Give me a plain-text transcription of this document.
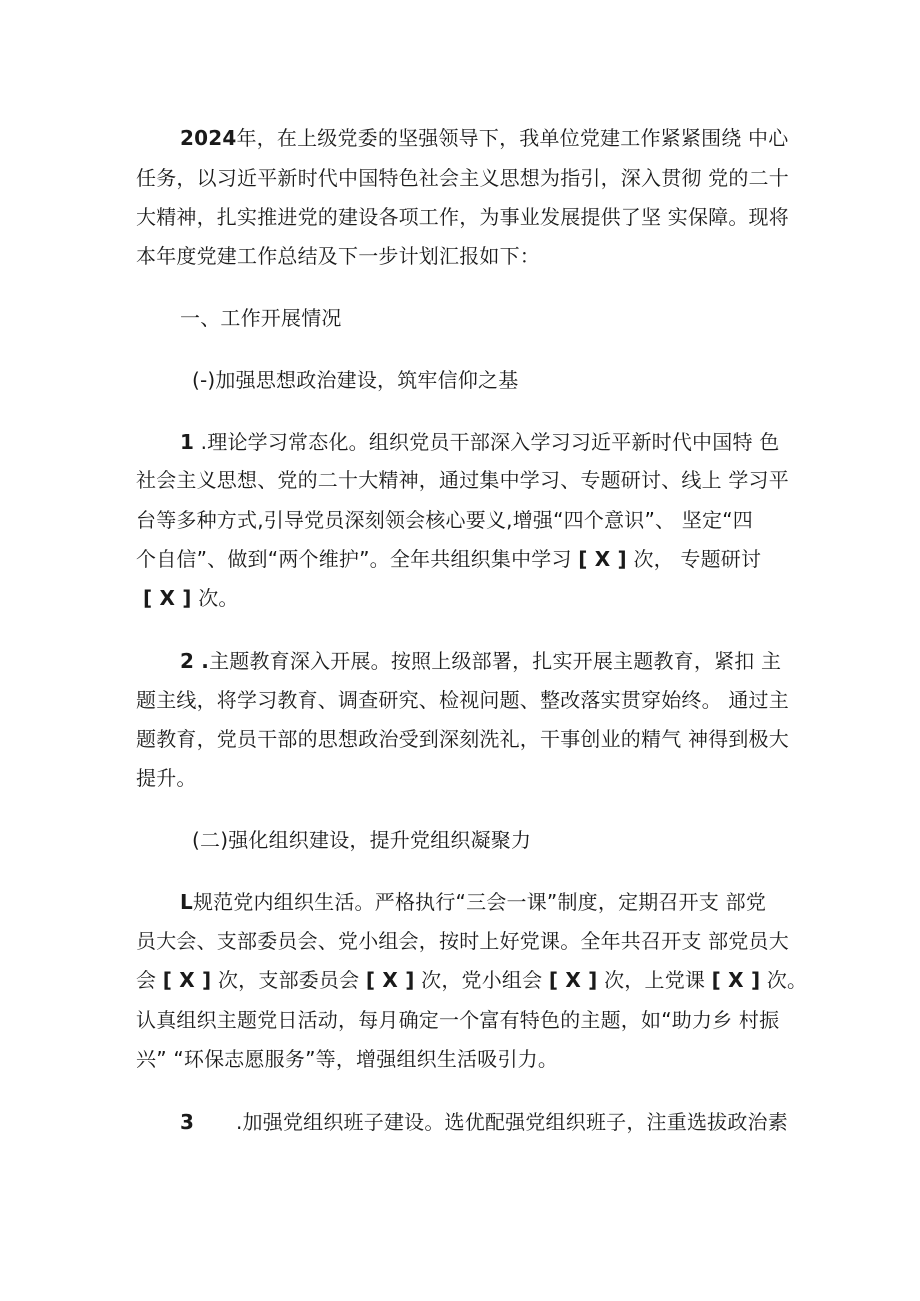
2024年，在上级党委的坚强领导下，我单位党建工作紧紧围绕 中心
任务，以习近平新时代中国特色社会主义思想为指引，深入贯彻 党的二十
大精神，扎实推进党的建设各项工作，为事业发展提供了坚 实保障。现将
本年度党建工作总结及下一步计划汇报如下：
一、工作开展情况
(-)加强思想政治建设，筑牢信仰之基
1 .理论学习常态化。组织党员干部深入学习习近平新时代中国特 色
社会主义思想、党的二十大精神，通过集中学习、专题研讨、线上 学习平
台等多种方式,引导党员深刻领会核心要义,增强“四个意识”、 坚定“四
个自信”、做到“两个维护”。全年共组织集中学习 [ X ] 次， 专题研讨
[ X ] 次。
2 .主题教育深入开展。按照上级部署，扎实开展主题教育，紧扣 主
题主线，将学习教育、调查研究、检视问题、整改落实贯穿始终。 通过主
题教育，党员干部的思想政治受到深刻洗礼，干事创业的精气 神得到极大
提升。
(二)强化组织建设，提升党组织凝聚力
L规范党内组织生活。严格执行“三会一课”制度，定期召开支 部党
员大会、支部委员会、党小组会，按时上好党课。全年共召开支 部党员大
会 [ X ] 次，支部委员会 [ X ] 次，党小组会 [ X ] 次，上党课 [ X ] 次。
认真组织主题党日活动，每月确定一个富有特色的主题，如“助力乡 村振
兴” “环保志愿服务”等，增强组织生活吸引力。
3 .加强党组织班子建设。选优配强党组织班子，注重选拔政治素
